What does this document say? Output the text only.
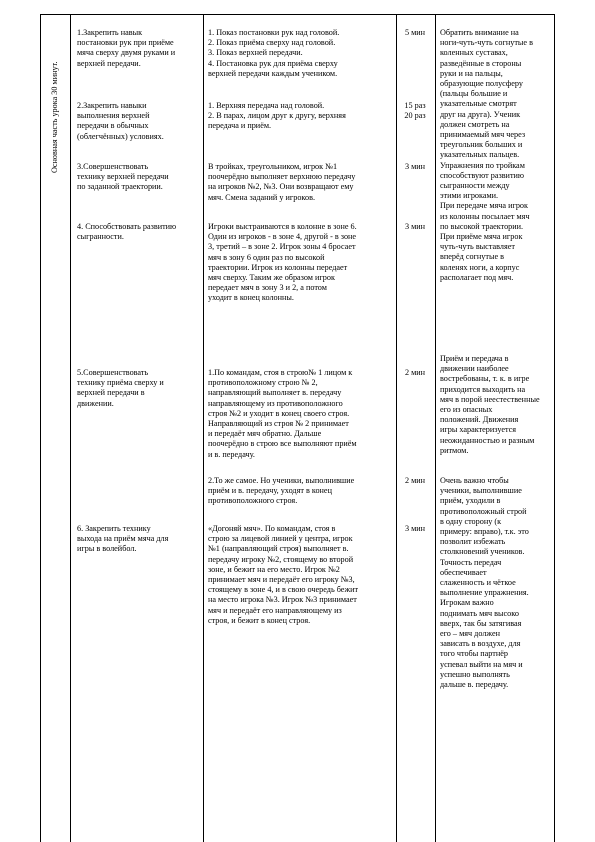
Основная часть урока 30 минут.
1.Закрепить навык
постановки рук при приёме
мяча сверху двумя руками и
верхней передачи.
1. Показ постановки рук над головой.
2. Показ приёма сверху над головой.
3. Показ верхней передачи.
4. Постановка рук для приёма сверху
верхней передачи каждым учеником.
5 мин
2.Закрепить навыки
выполнения верхней
передачи в обычных
(облегчённых) условиях.
1. Верхняя передача над головой.
2. В парах, лицом друг к другу, верхняя
передача и приём.
15 раз
20 раз
3.Совершенствовать
технику верхней передачи
по заданной траектории.
В тройках, треугольником, игрок №1
поочерёдно выполняет верхнюю передачу
на игроков №2, №3. Они возвращают ему
мяч. Смена заданий у игроков.
3 мин
4. Способствовать развитию
сыгранности.
Игроки выстраиваются в колонне в зоне 6.
Один из игроков - в зоне 4, другой - в зоне
3, третий – в зоне 2. Игрок зоны 4 бросает
мяч в зону 6 один раз по высокой
траектории. Игрок из колонны передает
мяч сверху. Таким же образом игрок
передает мяч в зону 3 и 2, а потом
уходит в конец колонны.
3 мин
5.Совершенствовать
технику приёма сверху и
верхней передачи в
движении.
1.По командам, стоя в строю№ 1 лицом к
противоположному строю № 2,
направляющий выполняет в. передачу
направляющему из противоположного
строя №2 и уходит в конец своего строя.
Направляющий из строя № 2 принимает
и передаёт мяч обратно. Дальше
поочерёдно в строю все выполняют приём
и в. передачу.
2 мин
2.То же самое. Но ученики, выполнившие
приём и в. передачу, уходят в конец
противоположного строя.
2 мин
6. Закрепить технику
выхода на приём мяча для
игры в волейбол.
«Догоняй мяч». По командам, стоя в
строю за лицевой линией у центра, игрок
№1 (направляющий строя) выполняет в.
передачу игроку №2, стоящему во второй
зоне, и бежит на его место. Игрок №2
принимает мяч и передаёт его игроку №3,
стоящему в зоне 4, и в свою очередь бежит
на место игрока №3. Игрок №3 принимает
мяч и передаёт его направляющему из
строя, и бежит в конец строя.
3 мин
Обратить внимание на
ноги-чуть-чуть согнутые в
коленных суставах,
разведённые в стороны
руки и на пальцы,
образующие полусферу
(пальцы большие и
указательные смотрят
друг на друга). Ученик
должен смотреть на
принимаемый мяч через
треугольник больших и
указательных пальцев.
Упражнения по тройкам
способствуют развитию
сыгранности между
этими игроками.
При передаче мяча игрок
из колонны посылает мяч
по высокой траектории.
При приёме мяча игрок
чуть-чуть выставляет
вперёд согнутые в
коленях ноги, а корпус
располагает под мяч.
Приём и передача в
движении наиболее
востребованы, т. к. в игре
приходится выходить на
мяч в порой неестественные
его из опасных
положений. Движения
игры характеризуется
неожиданностью и разным
ритмом.
Очень важно чтобы
ученики, выполнившие
приём, уходили в
противоположный строй
в одну сторону (к
примеру: вправо), т.к. это
позволит избежать
столкновений учеников.
Точность передач
обеспечивает
слаженность и чёткое
выполнение упражнения.
Игрокам важно
поднимать мяч высоко
вверх, так бы затягивая
его – мяч должен
зависать в воздухе, для
того чтобы партнёр
успевал выйти на мяч и
успешно выполнять
дальше в. передачу.
